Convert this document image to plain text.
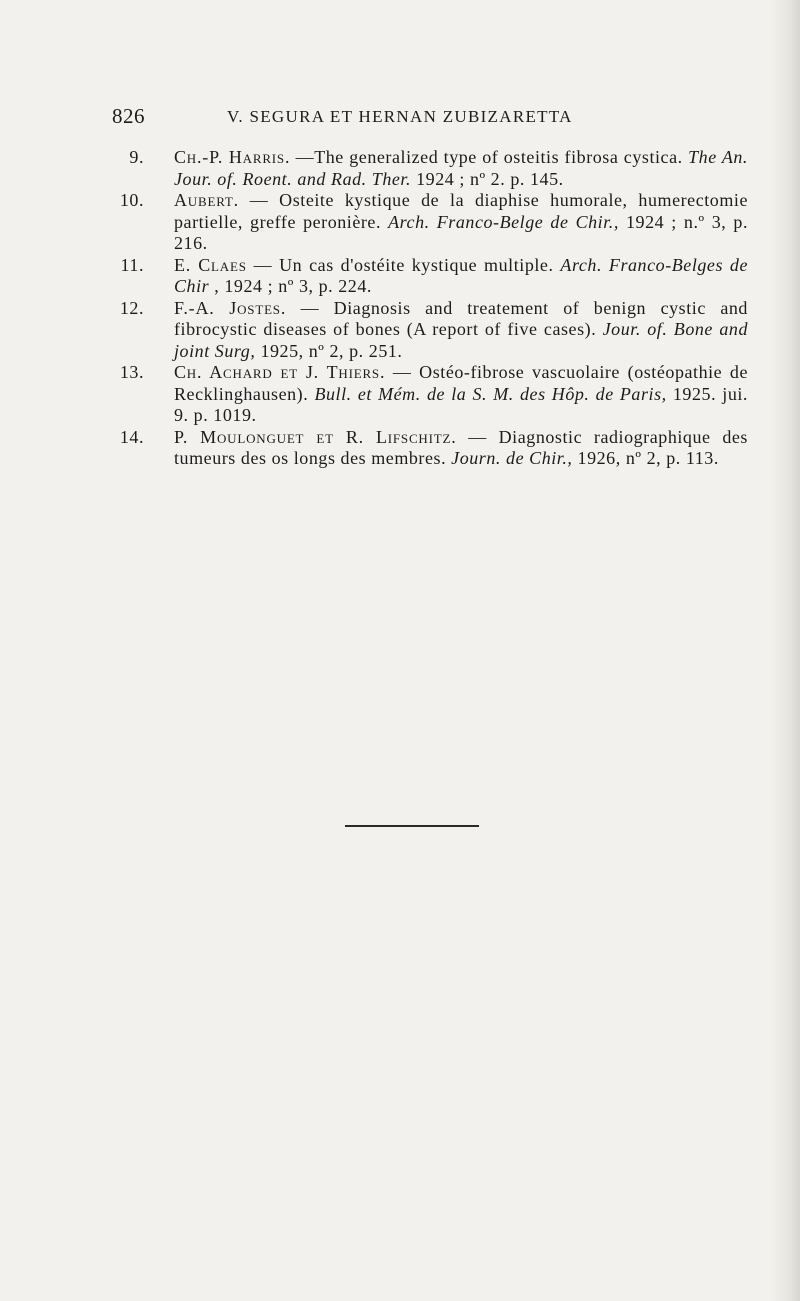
826	V. SEGURA ET HERNAN ZUBIZARETTA
9. Ch.-P. Harris. —The generalized type of osteitis fibrosa cystica. The An. Jour. of. Roent. and Rad. Ther. 1924 ; nº 2. p. 145.
10. Aubert. — Osteite kystique de la diaphise humorale, humerectomie partielle, greffe peronière. Arch. Franco-Belge de Chir., 1924 ; n.º 3, p. 216.
11. E. Claes — Un cas d'ostéite kystique multiple. Arch. Franco-Belges de Chir , 1924 ; nº 3, p. 224.
12. F.-A. Jostes. — Diagnosis and treatement of benign cystic and fibrocystic diseases of bones (A report of five cases). Jour. of. Bone and joint Surg, 1925, nº 2, p. 251.
13. Ch. Achard et J. Thiers. — Ostéo-fibrose vascuolaire (ostéopathie de Recklinghausen). Bull. et Mém. de la S. M. des Hôp. de Paris, 1925. jui. 9. p. 1019.
14. P. Moulonguet et R. Lifschitz. — Diagnostic radiographique des tumeurs des os longs des membres. Journ. de Chir., 1926, nº 2, p. 113.
